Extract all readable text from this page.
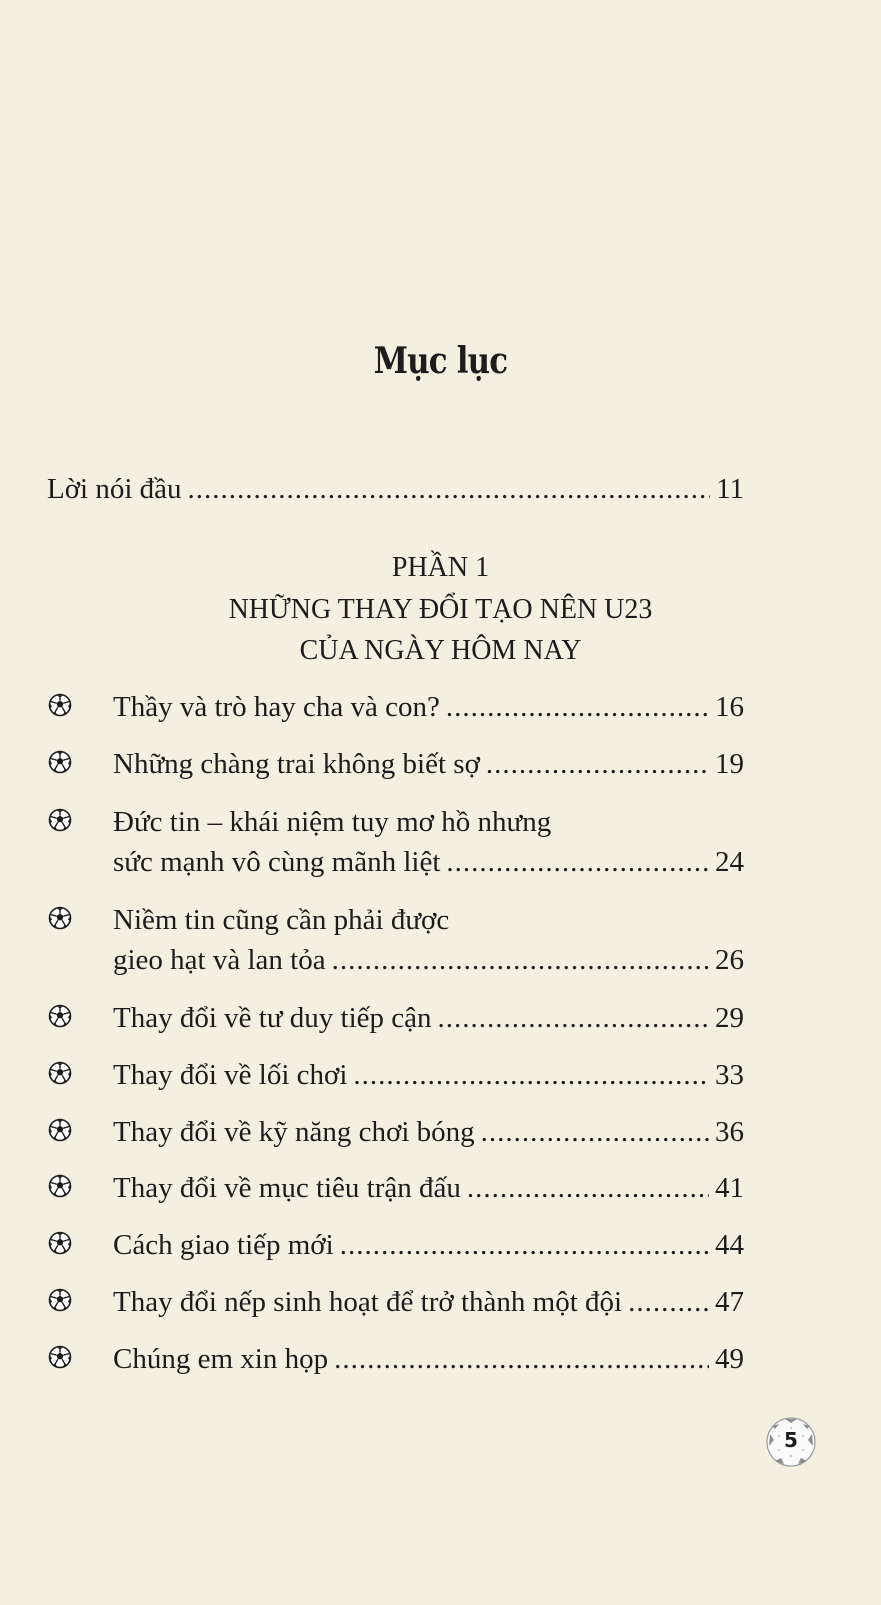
Mục lục
Lời nói đầu .....	11
PHẦN 1
NHỮNG THAY ĐỔI TẠO NÊN U23
CỦA NGÀY HÔM NAY
Thầy và trò hay cha và con? .....	16
Những chàng trai không biết sợ .....	19
Đức tin – khái niệm tuy mơ hồ nhưng
sức mạnh vô cùng mãnh liệt .....	24
Niềm tin cũng cần phải được
gieo hạt và lan tỏa .....	26
Thay đổi về tư duy tiếp cận .....	29
Thay đổi về lối chơi .....	33
Thay đổi về kỹ năng chơi bóng .....	36
Thay đổi về mục tiêu trận đấu .....	41
Cách giao tiếp mới .....	44
Thay đổi nếp sinh hoạt để trở thành một đội .....	47
Chúng em xin họp .....	49
5
